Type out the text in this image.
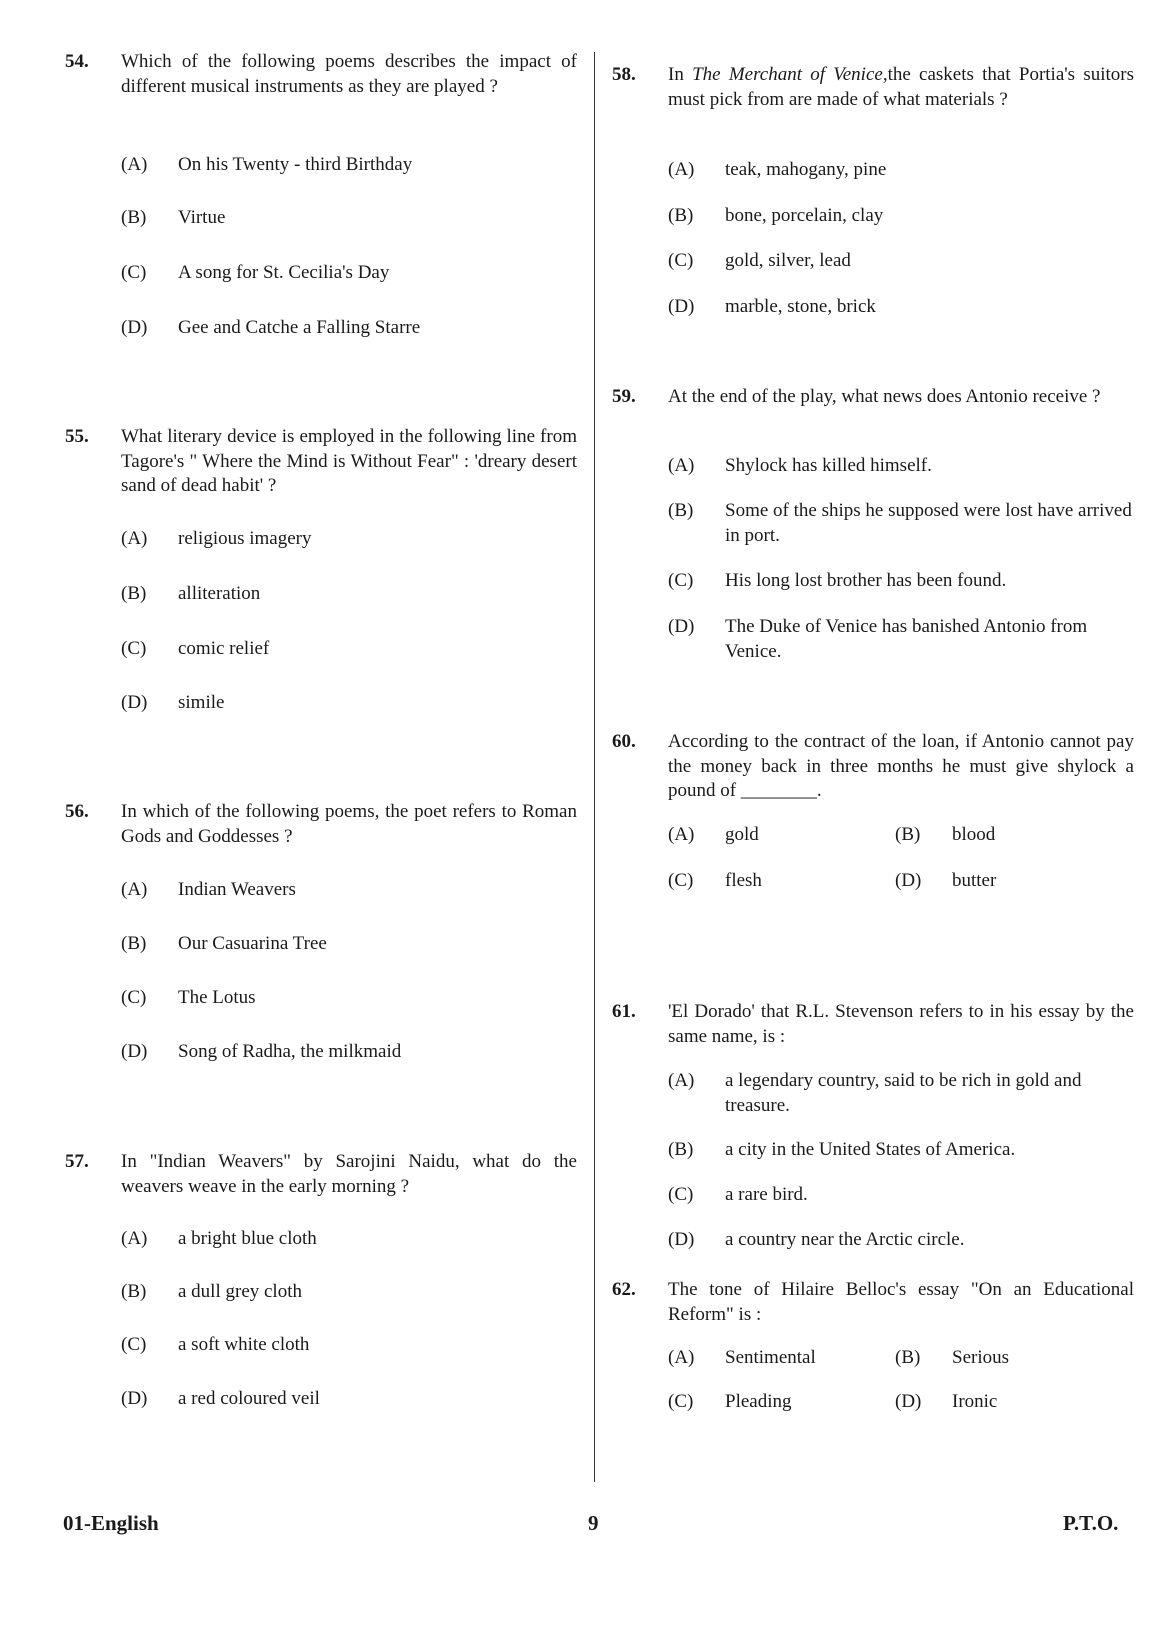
54.	Which of the following poems describes the impact of different musical instruments as they are played ?
(A)	On his Twenty - third Birthday
(B)	Virtue
(C)	A song for St. Cecilia's Day
(D)	Gee and Catche a Falling Starre
55.	What literary device is employed in the following line from Tagore's " Where the Mind is Without Fear" : 'dreary desert sand of dead habit' ?
(A)	religious imagery
(B)	alliteration
(C)	comic relief
(D)	simile
56.	In which of the following poems, the poet refers to Roman Gods and Goddesses ?
(A)	Indian Weavers
(B)	Our Casuarina Tree
(C)	The Lotus
(D)	Song of Radha, the milkmaid
57.	In "Indian Weavers" by Sarojini Naidu, what do the weavers weave in the early morning ?
(A)	a bright blue cloth
(B)	a dull grey cloth
(C)	a soft white cloth
(D)	a red coloured veil
58.	In The Merchant of Venice,the caskets that Portia's suitors must pick from are made of what materials ?
(A)	teak, mahogany, pine
(B)	bone, porcelain, clay
(C)	gold, silver, lead
(D)	marble, stone, brick
59.	At the end of the play, what news does Antonio receive ?
(A)	Shylock has killed himself.
(B)	Some of the ships he supposed were lost have arrived in port.
(C)	His long lost brother has been found.
(D)	The Duke of Venice has banished Antonio from Venice.
60.	According to the contract of the loan, if Antonio cannot pay the money back in three months he must give shylock a pound of ________.
(A)	gold	(B)	blood
(C)	flesh	(D)	butter
61.	'El Dorado' that R.L. Stevenson refers to in his essay by the same name, is :
(A)	a legendary country, said to be rich in gold and treasure.
(B)	a city in the United States of America.
(C)	a rare bird.
(D)	a country near the Arctic circle.
62.	The tone of Hilaire Belloc's essay "On an Educational Reform" is :
(A)	Sentimental	(B)	Serious
(C)	Pleading	(D)	Ironic
01-English	9	P.T.O.
